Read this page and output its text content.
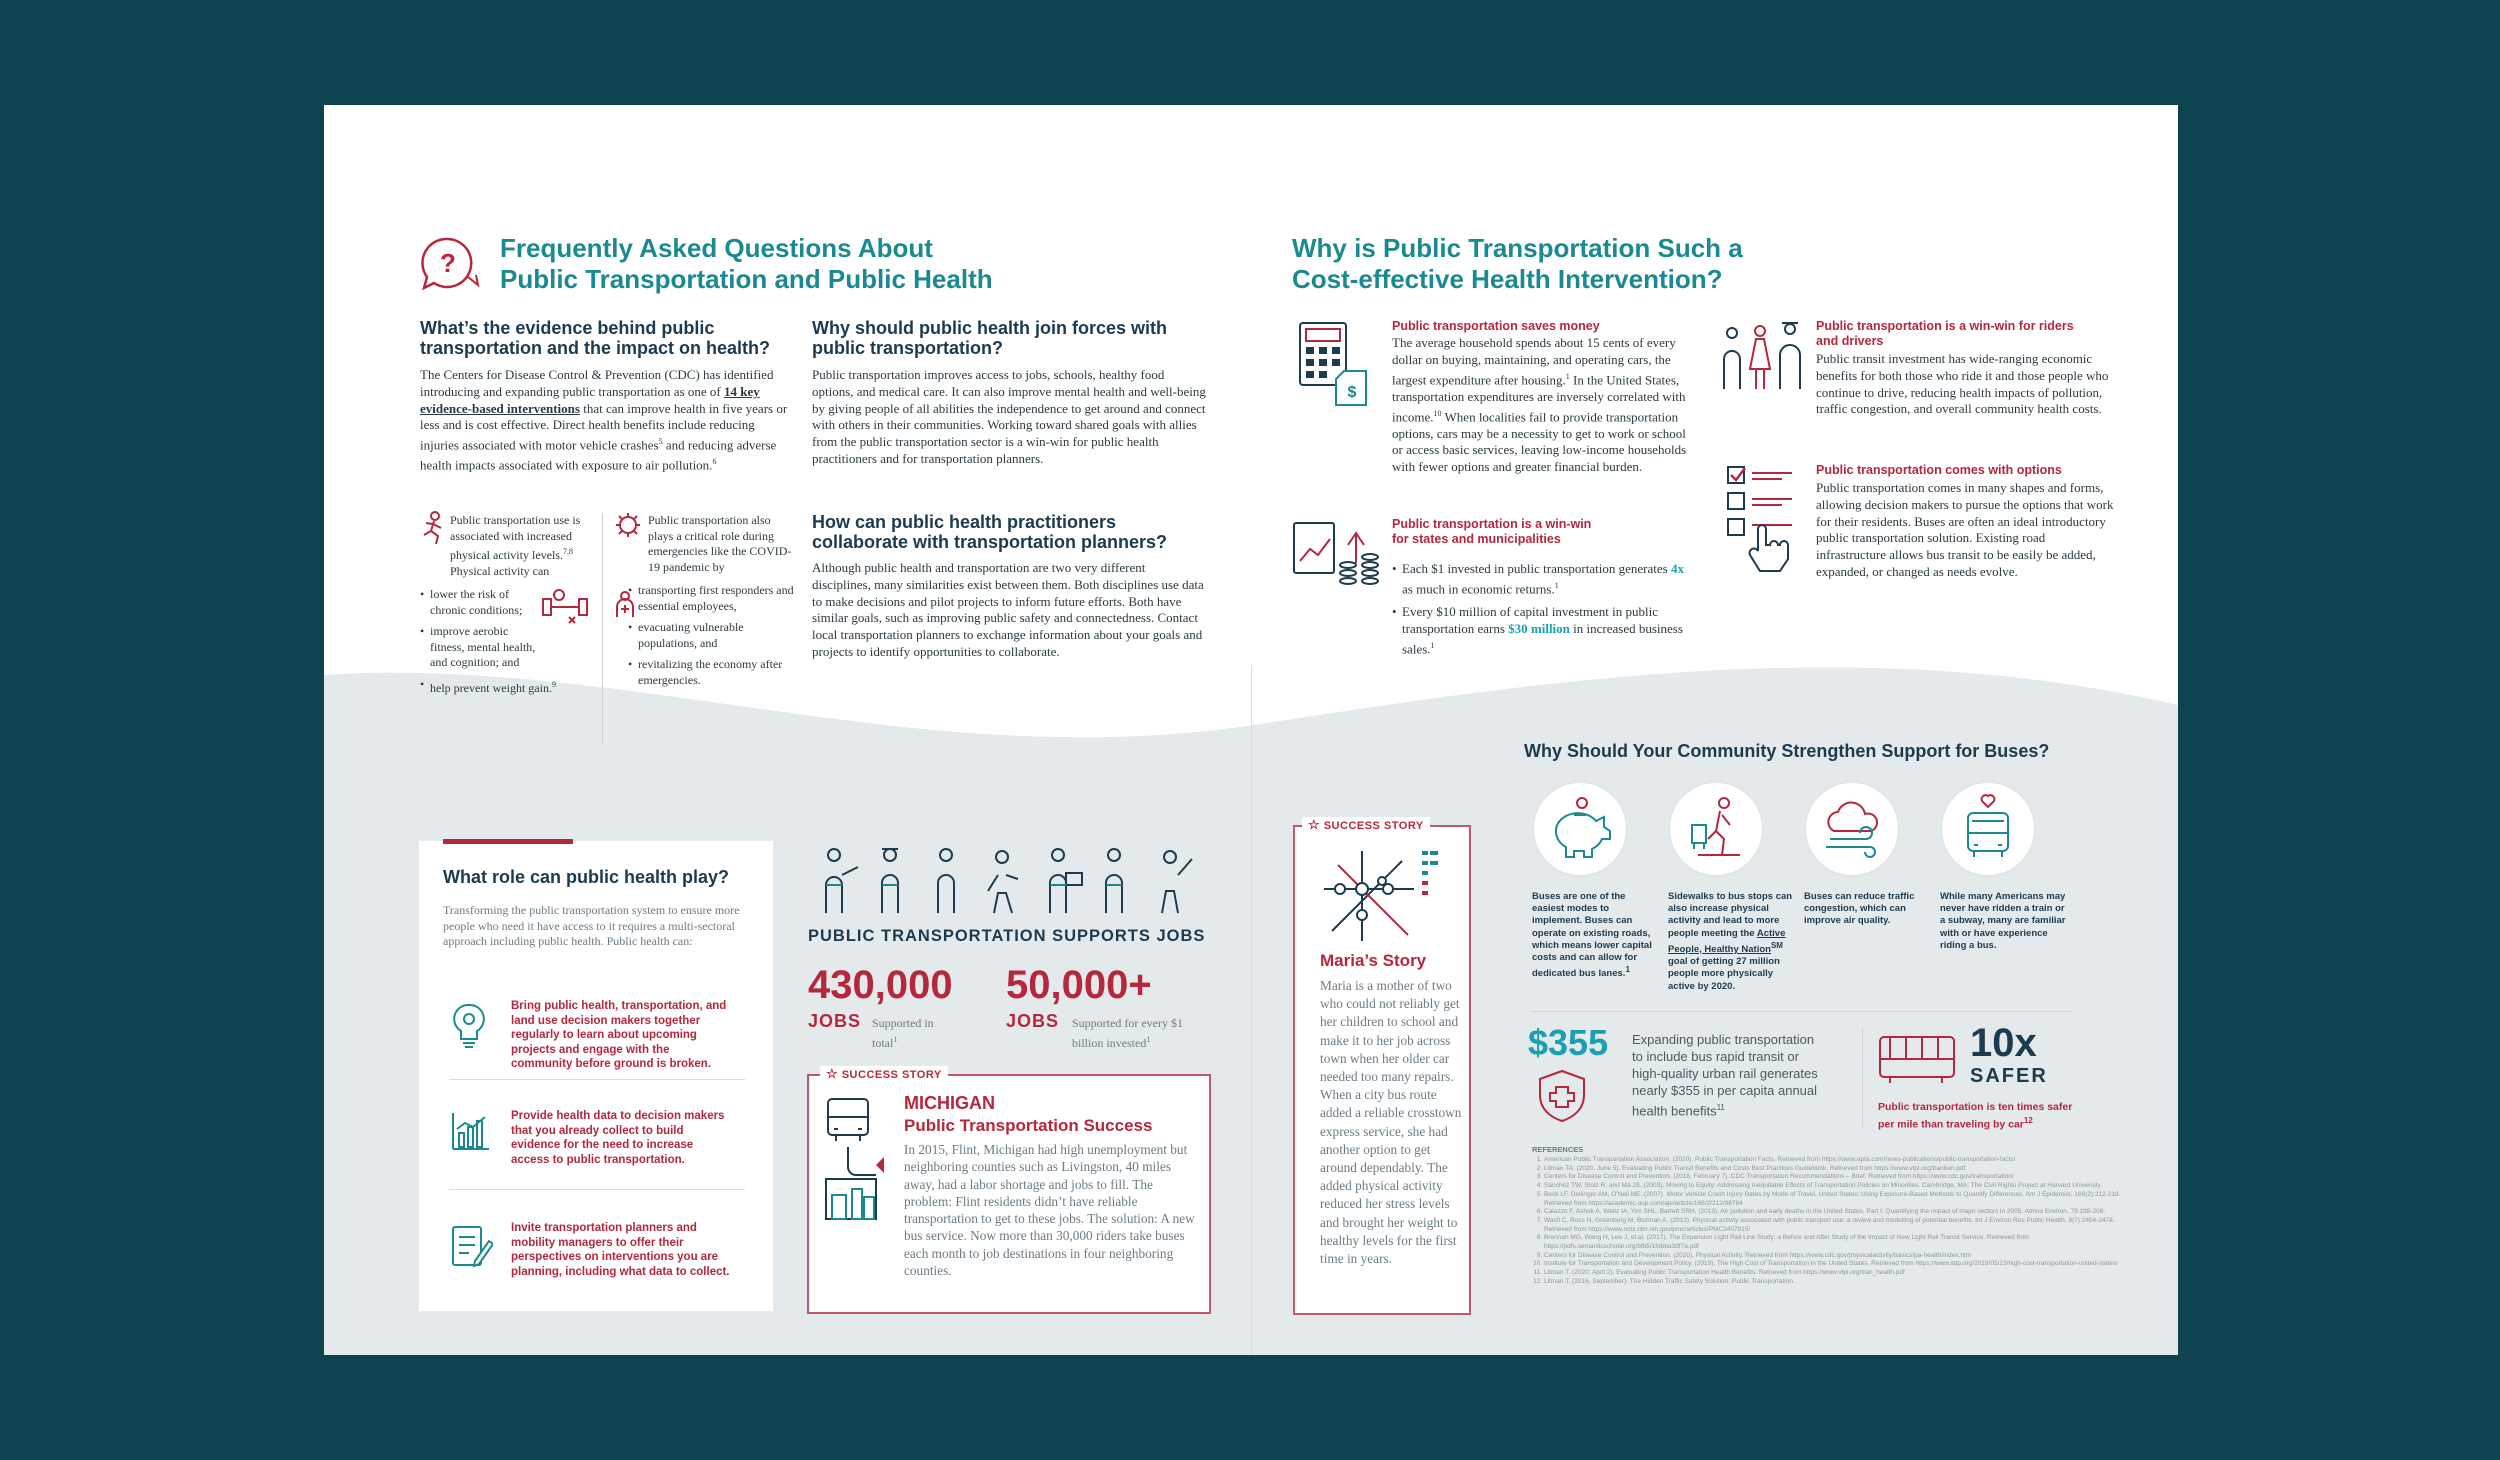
? Frequently Asked Questions About
Public Transportation and Public Health
What’s the evidence behind public transportation and the impact on health?
The Centers for Disease Control & Prevention (CDC) has identified introducing and expanding public transportation as one of 14 key evidence-based interventions that can improve health in five years or less and is cost effective. Direct health benefits include reducing injuries associated with motor vehicle crashes$^5$ and reducing adverse health impacts associated with exposure to air pollution.$^6$

Public transportation use is associated with increased physical activity levels.$^{7,8}$ Physical activity can

• lower the risk of chronic conditions;
• improve aerobic fitness, mental health, and cognition; and
• help prevent weight gain.$^9$

Public transportation also plays a critical role during emergencies like the COVID-19 pandemic by

• transporting first responders and essential employees,
• evacuating vulnerable populations, and
• revitalizing the economy after emergencies.
Why should public health join forces with public transportation?
Public transportation improves access to jobs, schools, healthy food options, and medical care. It can also improve mental health and well-being by giving people of all abilities the independence to get around and connect with others in their communities. Working toward shared goals with allies from the public transportation sector is a win-win for public health practitioners and for transportation planners.
How can public health practitioners collaborate with transportation planners?
Although public health and transportation are two very different disciplines, many similarities exist between them. Both disciplines use data to make decisions and pilot projects to inform future efforts. Both have similar goals, such as improving public safety and connectedness. Contact local transportation planners to exchange information about your goals and projects to identify opportunities to collaborate.
Why is Public Transportation Such a
Cost-effective Health Intervention?
$
Public transportation saves money
The average household spends about 15 cents of every dollar on buying, maintaining, and operating cars, the largest expenditure after housing.$^1$ In the United States, transportation expenditures are inversely correlated with income.$^{10}$ When localities fail to provide transportation options, cars may be a necessity to get to work or school or access basic services, leaving low-income households with fewer options and greater financial burden.
Public transportation is a win-win
for states and municipalities
• Each $1 invested in public transportation generates 4x as much in economic returns.$^1$
• Every $10 million of capital investment in public transportation earns $30 million in increased business sales.$^1$
Public transportation is a win-win for riders
and drivers
Public transit investment has wide-ranging economic benefits for both those who ride it and those people who continue to drive, reducing health impacts of pollution, traffic congestion, and overall community health costs.
Public transportation comes with options
Public transportation comes in many shapes and forms, allowing decision makers to pursue the options that work for their residents. Buses are often an ideal introductory public transportation solution. Existing road infrastructure allows bus transit to be easily be added, expanded, or changed as needs evolve.
What role can public health play?
Transforming the public transportation system to ensure more people who need it have access to it requires a multi-sectoral approach including public health. Public health can:
Bring public health, transportation, and land use decision makers together regularly to learn about upcoming projects and engage with the community before ground is broken.
Provide health data to decision makers that you already collect to build evidence for the need to increase access to public transportation.
Invite transportation planners and mobility managers to offer their perspectives on interventions you are planning, including what data to collect.
PUBLIC TRANSPORTATION SUPPORTS JOBS
430,000
JOBS Supported in total$^1$
50,000+
JOBS Supported for every $1 billion invested$^1$
☆ SUCCESS STORY
MICHIGAN
Public Transportation Success
In 2015, Flint, Michigan had high unemployment but neighboring counties such as Livingston, 40 miles away, had a labor shortage and jobs to fill. The problem: Flint residents didn’t have reliable transportation to get to these jobs. The solution: A new bus service. Now more than 30,000 riders take buses each month to job destinations in four neighboring counties.
☆ SUCCESS STORY
Maria’s Story
Maria is a mother of two who could not reliably get her children to school and make it to her job across town when her older car needed too many repairs. When a city bus route added a reliable crosstown express service, she had another option to get around dependably. The added physical activity reduced her stress levels and brought her weight to healthy levels for the first time in years.
Why Should Your Community Strengthen Support for Buses?
Buses are one of the easiest modes to implement. Buses can operate on existing roads, which means lower capital costs and can allow for dedicated bus lanes.$^1$
Sidewalks to bus stops can also increase physical activity and lead to more people meeting the Active People, Healthy Nation℠ goal of getting 27 million people more physically active by 2020.
Buses can reduce traffic congestion, which can improve air quality.
While many Americans may never have ridden a train or a subway, many are familiar with or have experience riding a bus.
$355 Expanding public transportation to include bus rapid transit or high-quality urban rail generates nearly $355 in per capita annual health benefits$^{11}$
10x
SAFER
Public transportation is ten times safer per mile than traveling by car$^{12}$
REFERENCES
1. American Public Transportation Association. (2020). Public Transportation Facts. Retrieved from https://www.apta.com/news-publications/public-transportation-facts/
2. Litman TA. (2020, June 5). Evaluating Public Transit Benefits and Costs Best Practices Guidebook. Retrieved from https://www.vtpi.org/tranben.pdf
3. Centers for Disease Control and Prevention. (2018, February 7). CDC Transportation Recommendations – Brief. Retrieved from https://www.cdc.gov/transportation/
4. Sanchez TW, Stolz R, and Ma JS. (2003). Moving to Equity: Addressing Inequitable Effects of Transportation Policies on Minorities. Cambridge, MA: The Civil Rights Project at Harvard University.
5. Beck LF, Dellinger AM, O’Neil ME. (2007). Motor Vehicle Crash Injury Rates by Mode of Travel, United States: Using Exposure-Based Methods to Quantify Differences. Am J Epidemiol, 166(2):212-218. Retrieved from https://academic.oup.com/aje/article/166/2/212/98784
6. Caiazzo F, Ashok A, Waitz IA, Yim SHL, Barrett SRH. (2013). Air pollution and early deaths in the United States. Part I: Quantifying the impact of major sectors in 2005. Atmos Environ, 79:198-208.
7. Wasfi C, Ross N, Greenberg M, Bozman A. (2013). Physical activity associated with public transport use: a review and modelling of potential benefits. Int J Environ Res Public Health, 9(7):2454-2478. Retrieved from https://www.ncbi.nlm.nih.gov/pmc/articles/PMC3407915/
8. Brennan MG, Wang H, Lee J, et al. (2017). The Expansion Light Rail Line Study: a Before and After Study of the Impact of New Light Rail Transit Service. Retrieved from https://pdfs.semanticscholar.org/bfb5/1fdbba3df7a.pdf
9. Centers for Disease Control and Prevention. (2020). Physical Activity. Retrieved from https://www.cdc.gov/physicalactivity/basics/pa-health/index.htm
10. Institute for Transportation and Development Policy. (2019). The High Cost of Transportation in the United States. Retrieved from https://www.itdp.org/2019/05/23/high-cost-transportation-united-states/
11. Litman T. (2020, April 2). Evaluating Public Transportation Health Benefits. Retrieved from https://www.vtpi.org/tran_health.pdf
12. Litman T. (2016, September). The Hidden Traffic Safety Solution: Public Transportation.
